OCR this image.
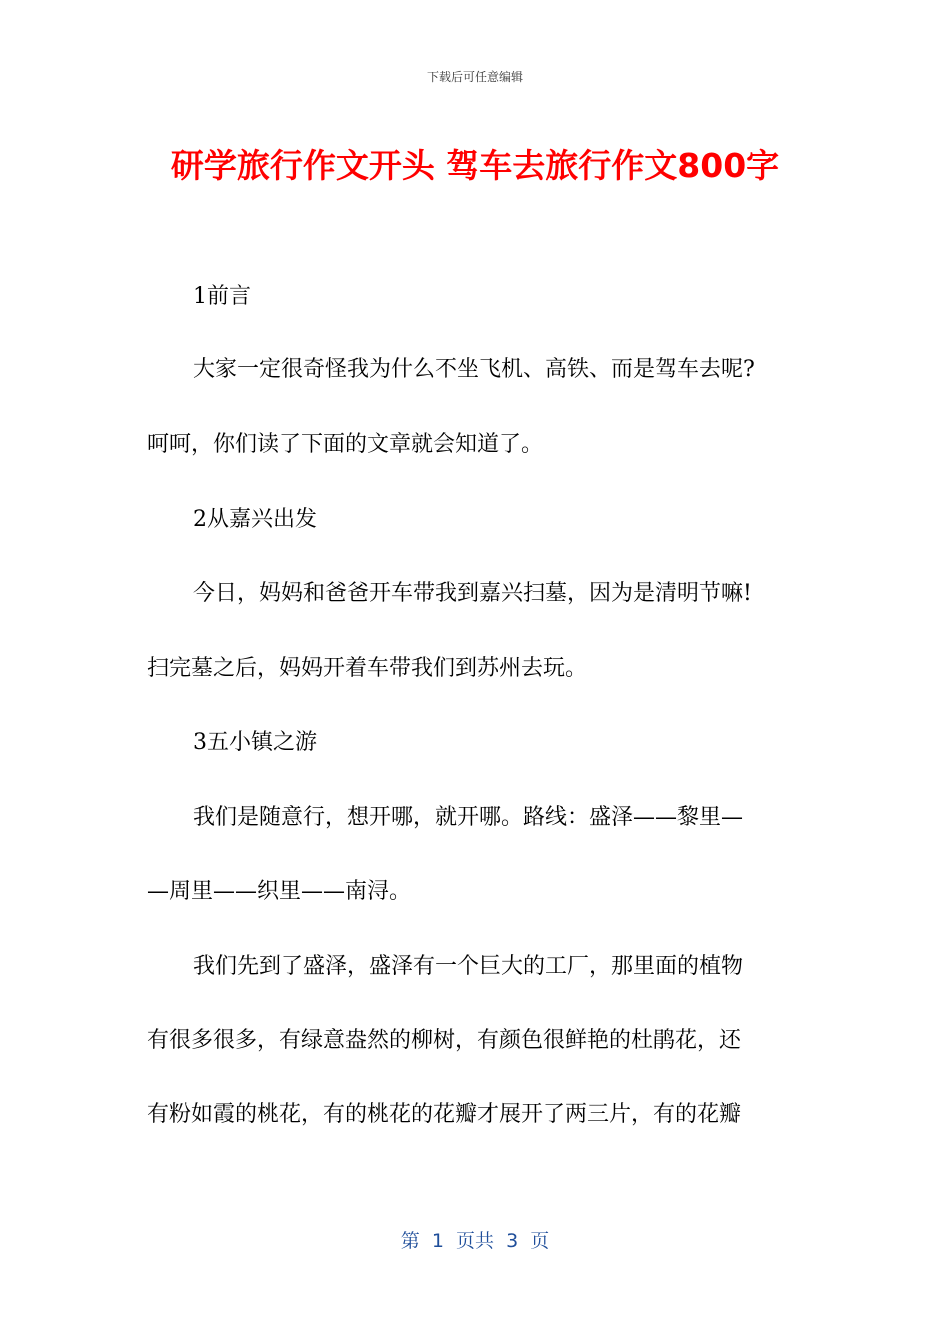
下载后可任意编辑
研学旅行作文开头 驾车去旅行作文800字
1前言
大家一定很奇怪我为什么不坐飞机、高铁、而是驾车去呢?
呵呵，你们读了下面的文章就会知道了。
2从嘉兴出发
今日，妈妈和爸爸开车带我到嘉兴扫墓，因为是清明节嘛!
扫完墓之后，妈妈开着车带我们到苏州去玩。
3五小镇之游
我们是随意行，想开哪，就开哪。路线：盛泽——黎里—
—周里——织里——南浔。
我们先到了盛泽，盛泽有一个巨大的工厂，那里面的植物
有很多很多，有绿意盎然的柳树，有颜色很鲜艳的杜鹃花，还
有粉如霞的桃花，有的桃花的花瓣才展开了两三片，有的花瓣
第  1  页共  3  页
